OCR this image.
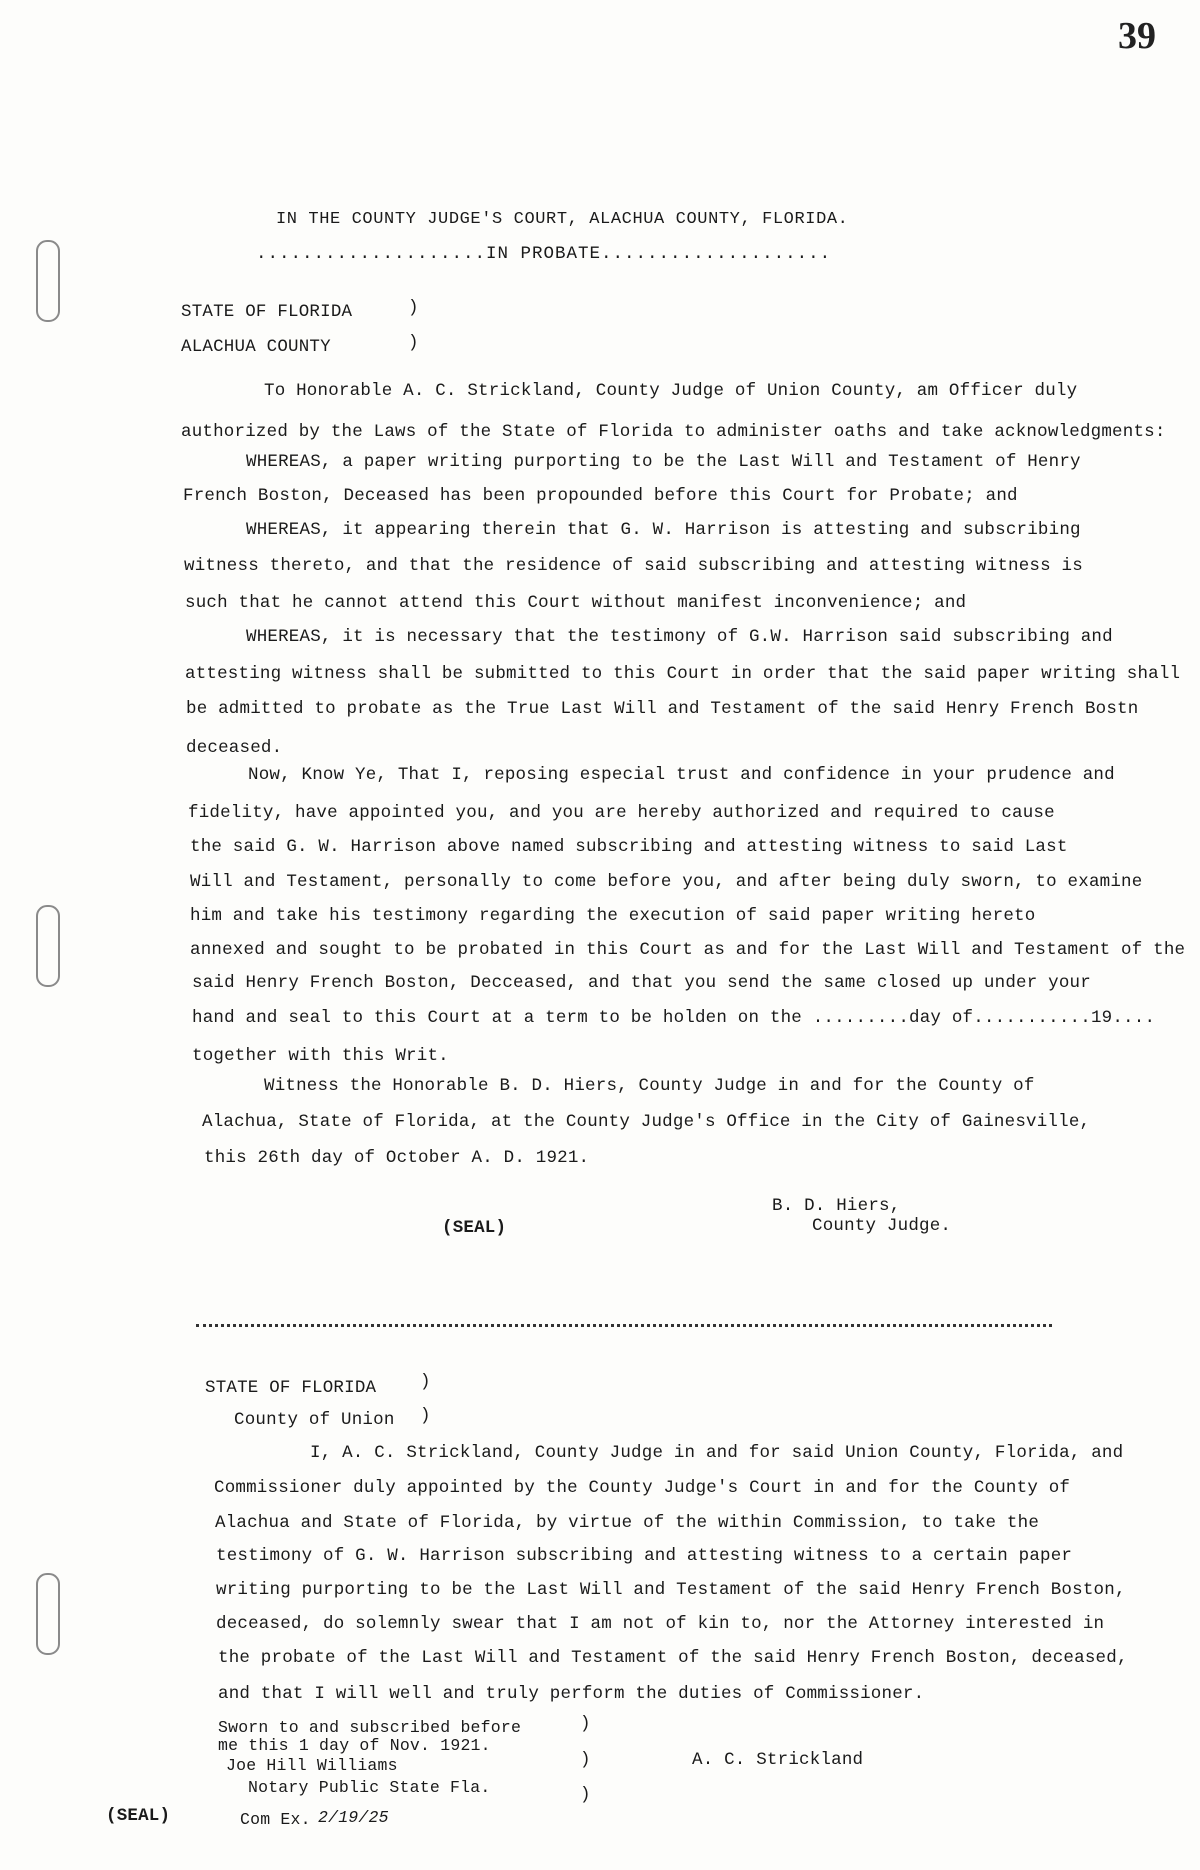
39
IN THE COUNTY JUDGE'S COURT, ALACHUA COUNTY, FLORIDA.
....................IN PROBATE....................
STATE OF FLORIDA	)
ALACHUA COUNTY	)
To Honorable A. C. Strickland, County Judge of Union County, am Officer duly
authorized by the Laws of the State of Florida to administer oaths and take acknowledgments:
WHEREAS, a paper writing purporting to be the Last Will and Testament of Henry
French Boston, Deceased has been propounded before this Court for Probate; and
WHEREAS, it appearing therein that G. W. Harrison is attesting and subscribing
witness thereto, and that the residence of said subscribing and attesting witness is
such that he cannot attend this Court without manifest inconvenience; and
WHEREAS, it is necessary that the testimony of G.W. Harrison said subscribing and
attesting witness shall be submitted to this Court in order that the said paper writing shall
be admitted to probate as the True Last Will and Testament of the said Henry French Bostn
deceased.
Now, Know Ye, That I, reposing especial trust and confidence in your prudence and
fidelity, have appointed you, and you are hereby authorized and required to cause
the said G. W. Harrison above named subscribing and attesting witness to said Last
Will and Testament, personally to come before you, and after being duly sworn, to examine
him and take his testimony regarding the execution of said paper writing hereto
annexed and sought to be probated in this Court as and for the Last Will and Testament of the
said Henry French Boston, Decceased, and that you send the same closed up under your
hand and seal to this Court at a term to be holden on the .........day of...........19....
together with this Writ.
Witness the Honorable B. D. Hiers, County Judge in and for the County of
Alachua, State of Florida, at the County Judge's Office in the City of Gainesville,
this 26th day of October A. D. 1921.
(SEAL)
B. D. Hiers,
County Judge.
STATE OF FLORIDA	)
County of Union )
I, A. C. Strickland, County Judge in and for said Union County, Florida, and
Commissioner duly appointed by the County Judge's Court in and for the County of
Alachua and State of Florida, by virtue of the within Commission, to take the
testimony of G. W. Harrison subscribing and attesting witness to a certain paper
writing purporting to be the Last Will and Testament of the said Henry French Boston,
deceased, do solemnly swear that I am not of kin to, nor the Attorney interested in
the probate of the Last Will and Testament of the said Henry French Boston, deceased,
and that I will well and truly perform the duties of Commissioner.
Sworn to and subscribed before
me this 1 day of Nov. 1921.
Joe Hill Williams
Notary Public State Fla.
Com Ex. 2/19/25
)
)
)
A. C. Strickland
(SEAL)
